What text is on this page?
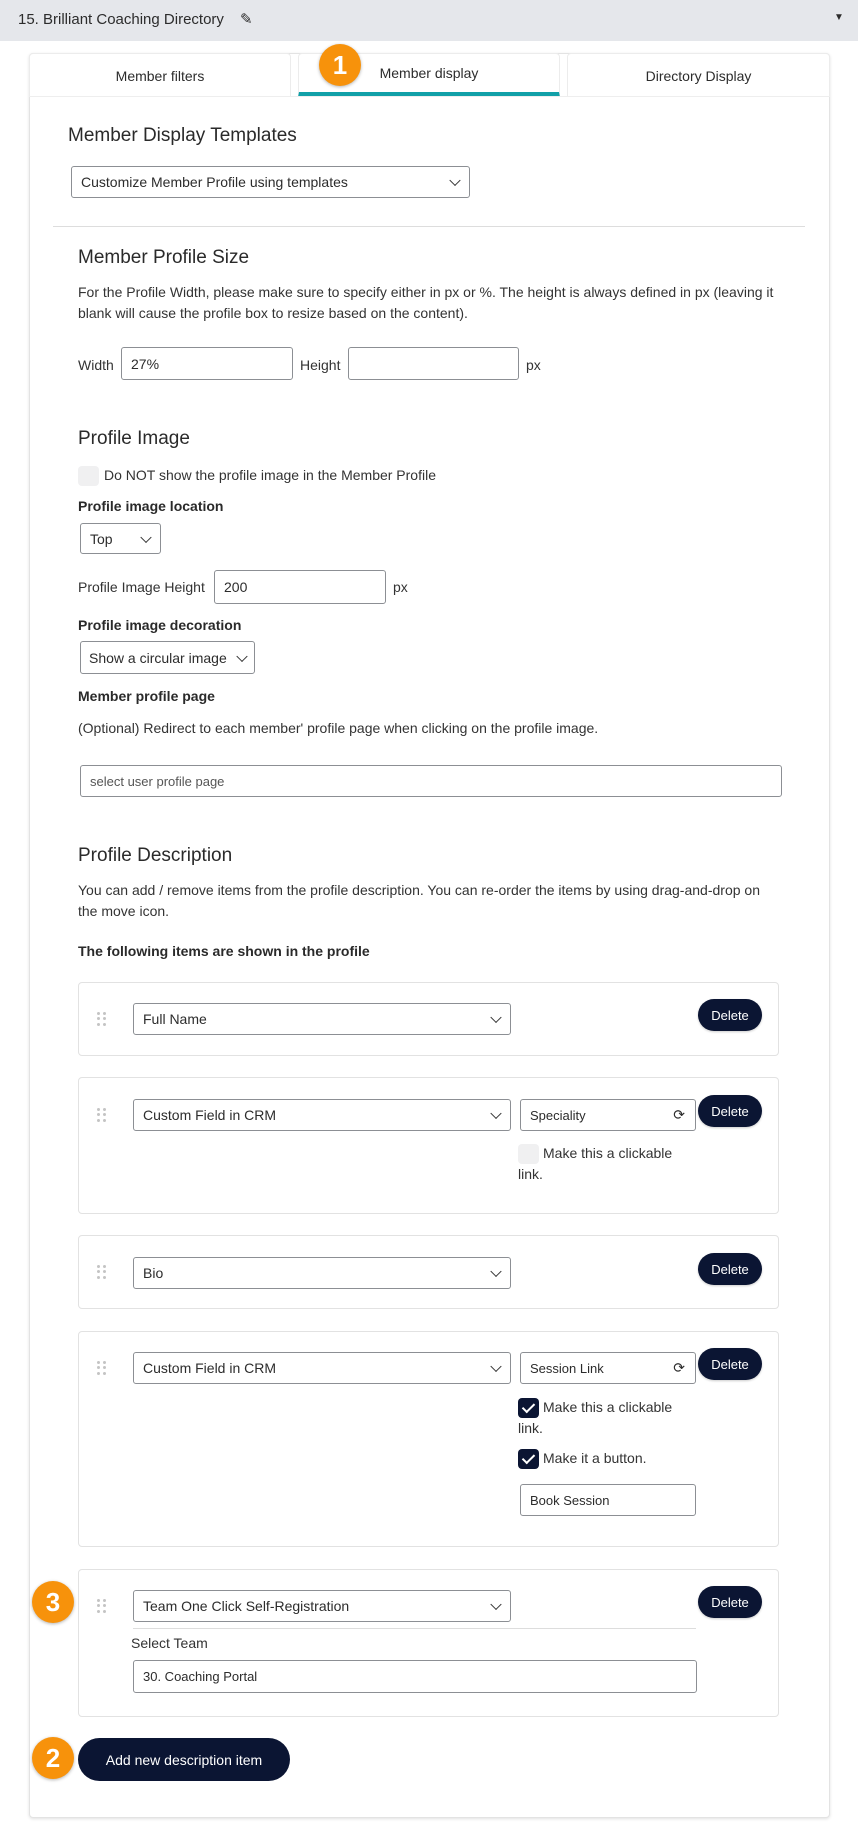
15. Brilliant Coaching Directory ✎	▼
Member filters	Member display	Directory Display
1
Member Display Templates
Customize Member Profile using templates
Member Profile Size
For the Profile Width, please make sure to specify either in px or %. The height is always defined in px (leaving it blank will cause the profile box to resize based on the content).
Width	27%	Height	px
Profile Image
Do NOT show the profile image in the Member Profile
Profile image location
Top
Profile Image Height	200	px
Profile image decoration
Show a circular image
Member profile page
(Optional) Redirect to each member' profile page when clicking on the profile image.
select user profile page
Profile Description
You can add / remove items from the profile description. You can re-order the items by using drag-and-drop on the move icon.
The following items are shown in the profile
Full Name	Delete
Custom Field in CRM	Speciality	⟳	Delete
Make this a clickable link.
Bio	Delete
Custom Field in CRM	Session Link	⟳	Delete
Make this a clickable link.
Make it a button.
Book Session
Team One Click Self-Registration	Delete
Select Team
30. Coaching Portal
3
Add new description item
2
